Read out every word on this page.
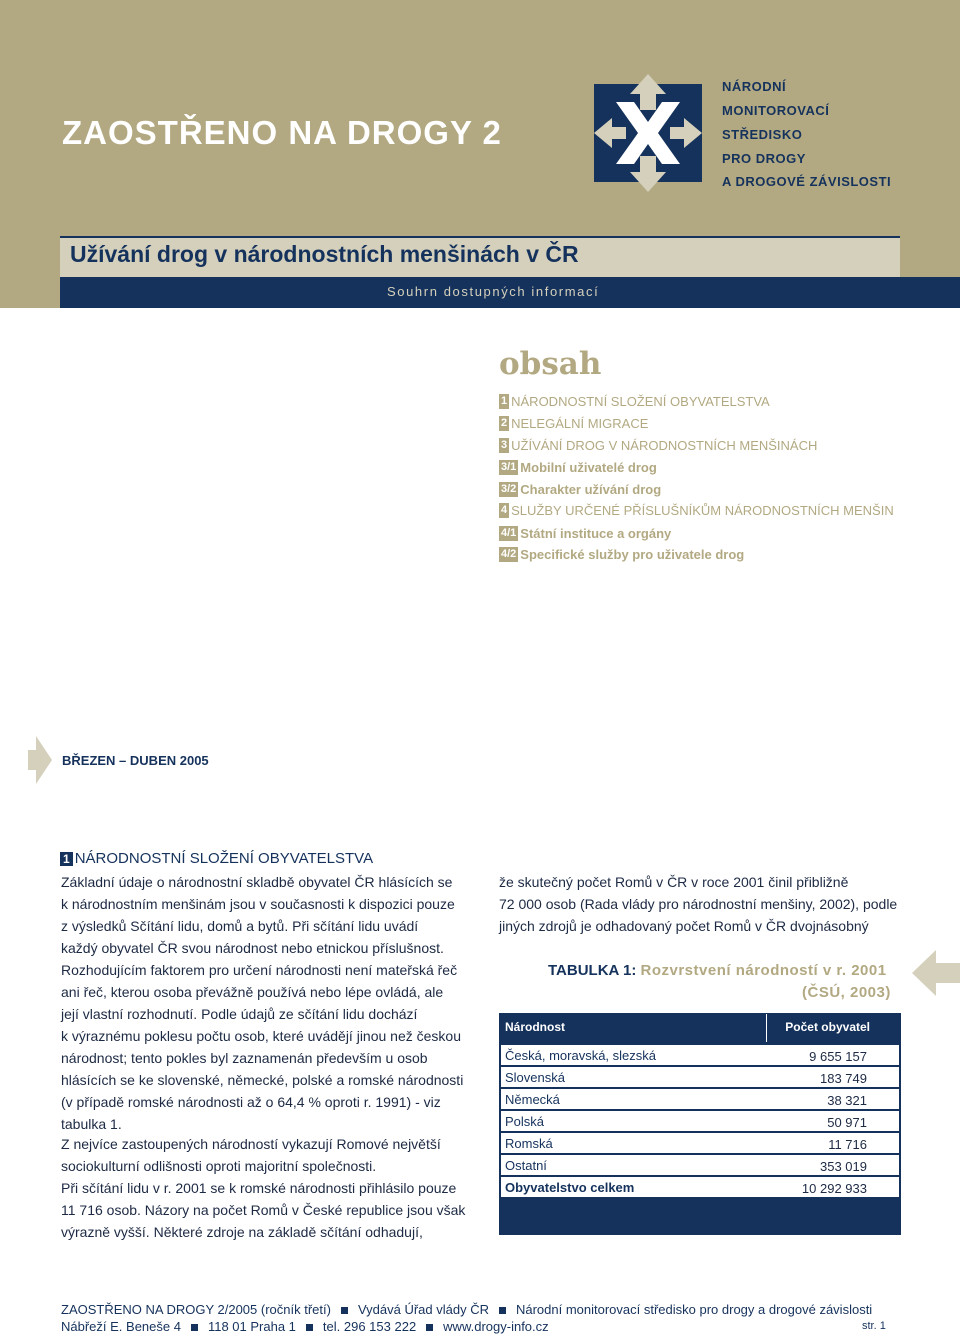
ZAOSTŘENO NA DROGY 2
NÁRODNÍ
MONITOROVACÍ
STŘEDISKO
PRO DROGY
A DROGOVÉ ZÁVISLOSTI
Užívání drog v národnostních menšinách v ČR
Souhrn dostupných informací
obsah
1 NÁRODNOSTNÍ SLOŽENÍ OBYVATELSTVA
2 NELEGÁLNÍ MIGRACE
3 UŽÍVÁNÍ DROG V NÁRODNOSTNÍCH MENŠINÁCH
3/1 Mobilní uživatelé drog
3/2 Charakter užívání drog
4 SLUŽBY URČENÉ PŘÍSLUŠNÍKŮM NÁRODNOSTNÍCH MENŠIN
4/1 Státní instituce a orgány
4/2 Specifické služby pro uživatele drog
BŘEZEN – DUBEN 2005
1 NÁRODNOSTNÍ SLOŽENÍ OBYVATELSTVA
Základní údaje o národnostní skladbě obyvatel ČR hlásících se
k národnostním menšinám jsou v současnosti k dispozici pouze
z výsledků Sčítání lidu, domů a bytů. Při sčítání lidu uvádí
každý obyvatel ČR svou národnost nebo etnickou příslušnost.
Rozhodujícím faktorem pro určení národnosti není mateřská řeč
ani řeč, kterou osoba převážně používá nebo lépe ovládá, ale
její vlastní rozhodnutí. Podle údajů ze sčítání lidu dochází
k výraznému poklesu počtu osob, které uvádějí jinou než českou
národnost; tento pokles byl zaznamenán především u osob
hlásících se ke slovenské, německé, polské a romské národnosti
(v případě romské národnosti až o 64,4 % oproti r. 1991) - viz
tabulka 1.
Z nejvíce zastoupených národností vykazují Romové největší
sociokulturní odlišnosti oproti majoritní společnosti.
Při sčítání lidu v r. 2001 se k romské národnosti přihlásilo pouze
11 716 osob. Názory na počet Romů v České republice jsou však
výrazně vyšší. Některé zdroje na základě sčítání odhadují,
že skutečný počet Romů v ČR v roce 2001 činil přibližně
72 000 osob (Rada vlády pro národnostní menšiny, 2002), podle
jiných zdrojů je odhadovaný počet Romů v ČR dvojnásobný
TABULKA 1: Rozvrstvení národností v r. 2001
(ČSÚ, 2003)
Národnost	Počet obyvatel
Česká, moravská, slezská	9 655 157
Slovenská	183 749
Německá	38 321
Polská	50 971
Romská	11 716
Ostatní	353 019
Obyvatelstvo celkem	10 292 933
ZAOSTŘENO NA DROGY 2/2005 (ročník třetí) Vydává Úřad vlády ČR Národní monitorovací středisko pro drogy a drogové závislosti
Nábřeží E. Beneše 4 118 01 Praha 1 tel. 296 153 222 www.drogy-info.cz	str. 1
